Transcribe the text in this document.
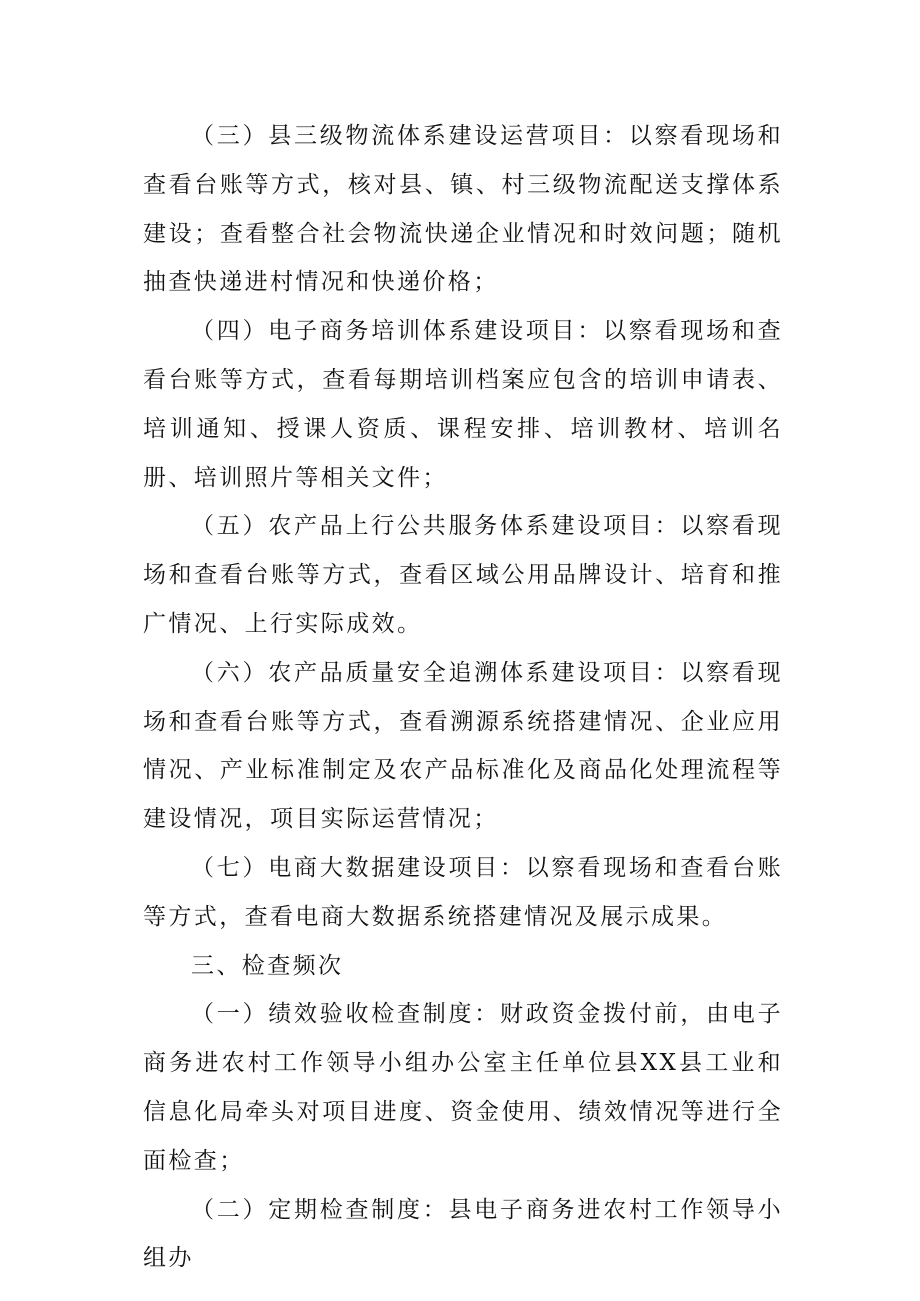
（三）县三级物流体系建设运营项目：以察看现场和查看台账等方式，核对县、镇、村三级物流配送支撑体系建设；查看整合社会物流快递企业情况和时效问题；随机抽查快递进村情况和快递价格；

（四）电子商务培训体系建设项目：以察看现场和查看台账等方式，查看每期培训档案应包含的培训申请表、培训通知、授课人资质、课程安排、培训教材、培训名册、培训照片等相关文件；

（五）农产品上行公共服务体系建设项目：以察看现场和查看台账等方式，查看区域公用品牌设计、培育和推广情况、上行实际成效。

（六）农产品质量安全追溯体系建设项目：以察看现场和查看台账等方式，查看溯源系统搭建情况、企业应用情况、产业标准制定及农产品标准化及商品化处理流程等建设情况，项目实际运营情况；

（七）电商大数据建设项目：以察看现场和查看台账等方式，查看电商大数据系统搭建情况及展示成果。

三、检查频次

（一）绩效验收检查制度：财政资金拨付前，由电子商务进农村工作领导小组办公室主任单位县XX县工业和信息化局牵头对项目进度、资金使用、绩效情况等进行全面检查；

（二）定期检查制度：县电子商务进农村工作领导小组办
